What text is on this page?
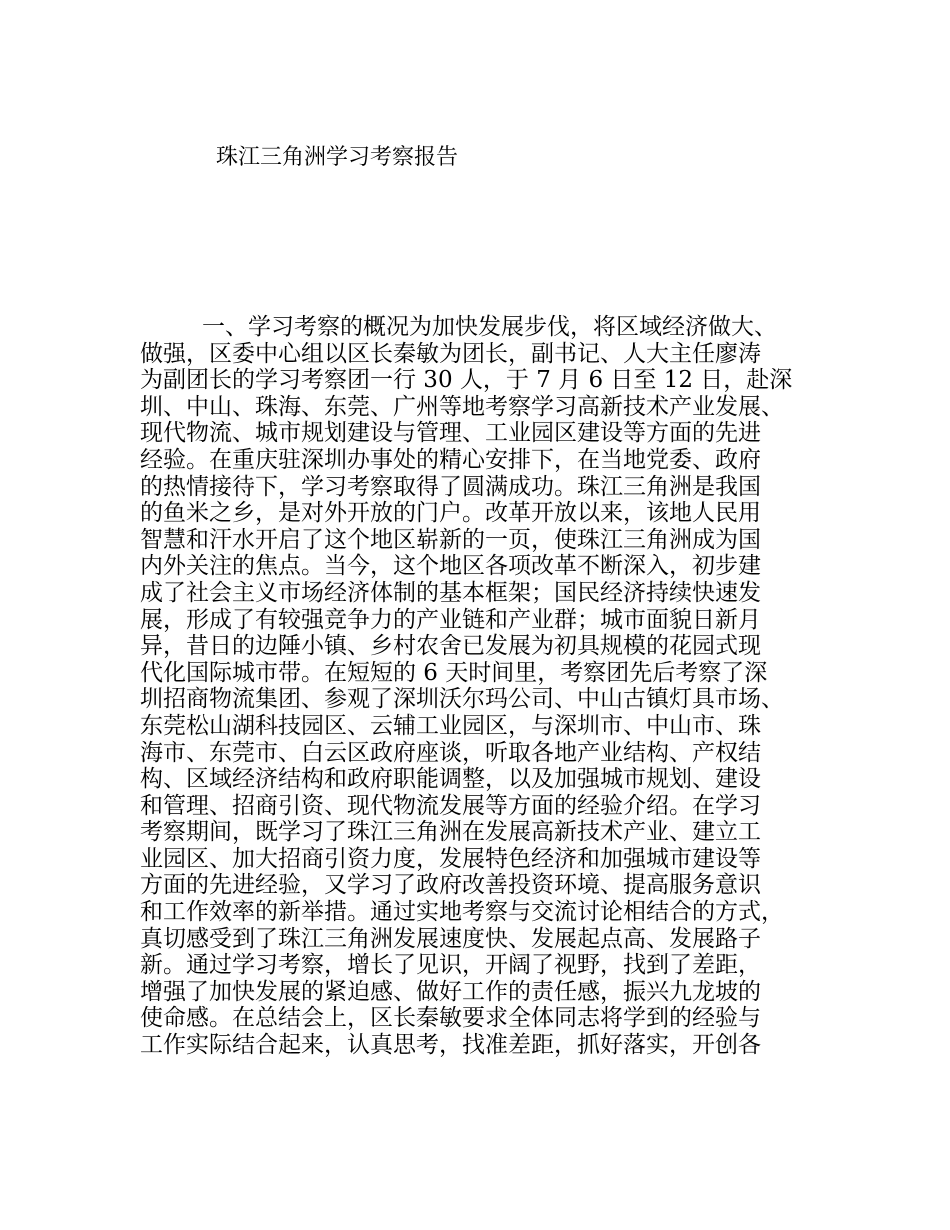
珠江三角洲学习考察报告
一、学习考察的概况为加快发展步伐，将区域经济做大、
做强，区委中心组以区长秦敏为团长，副书记、人大主任廖涛
为副团长的学习考察团一行 30 人，于 7 月 6 日至 12 日，赴深
圳、中山、珠海、东莞、广州等地考察学习高新技术产业发展、
现代物流、城市规划建设与管理、工业园区建设等方面的先进
经验。在重庆驻深圳办事处的精心安排下，在当地党委、政府
的热情接待下，学习考察取得了圆满成功。珠江三角洲是我国
的鱼米之乡，是对外开放的门户。改革开放以来，该地人民用
智慧和汗水开启了这个地区崭新的一页，使珠江三角洲成为国
内外关注的焦点。当今，这个地区各项改革不断深入，初步建
成了社会主义市场经济体制的基本框架；国民经济持续快速发
展，形成了有较强竞争力的产业链和产业群；城市面貌日新月
异，昔日的边陲小镇、乡村农舍已发展为初具规模的花园式现
代化国际城市带。在短短的 6 天时间里，考察团先后考察了深
圳招商物流集团、参观了深圳沃尔玛公司、中山古镇灯具市场、
东莞松山湖科技园区、云辅工业园区，与深圳市、中山市、珠
海市、东莞市、白云区政府座谈，听取各地产业结构、产权结
构、区域经济结构和政府职能调整，以及加强城市规划、建设
和管理、招商引资、现代物流发展等方面的经验介绍。在学习
考察期间，既学习了珠江三角洲在发展高新技术产业、建立工
业园区、加大招商引资力度，发展特色经济和加强城市建设等
方面的先进经验，又学习了政府改善投资环境、提高服务意识
和工作效率的新举措。通过实地考察与交流讨论相结合的方式，
真切感受到了珠江三角洲发展速度快、发展起点高、发展路子
新。通过学习考察，增长了见识，开阔了视野，找到了差距，
增强了加快发展的紧迫感、做好工作的责任感，振兴九龙坡的
使命感。在总结会上，区长秦敏要求全体同志将学到的经验与
工作实际结合起来，认真思考，找准差距，抓好落实，开创各
